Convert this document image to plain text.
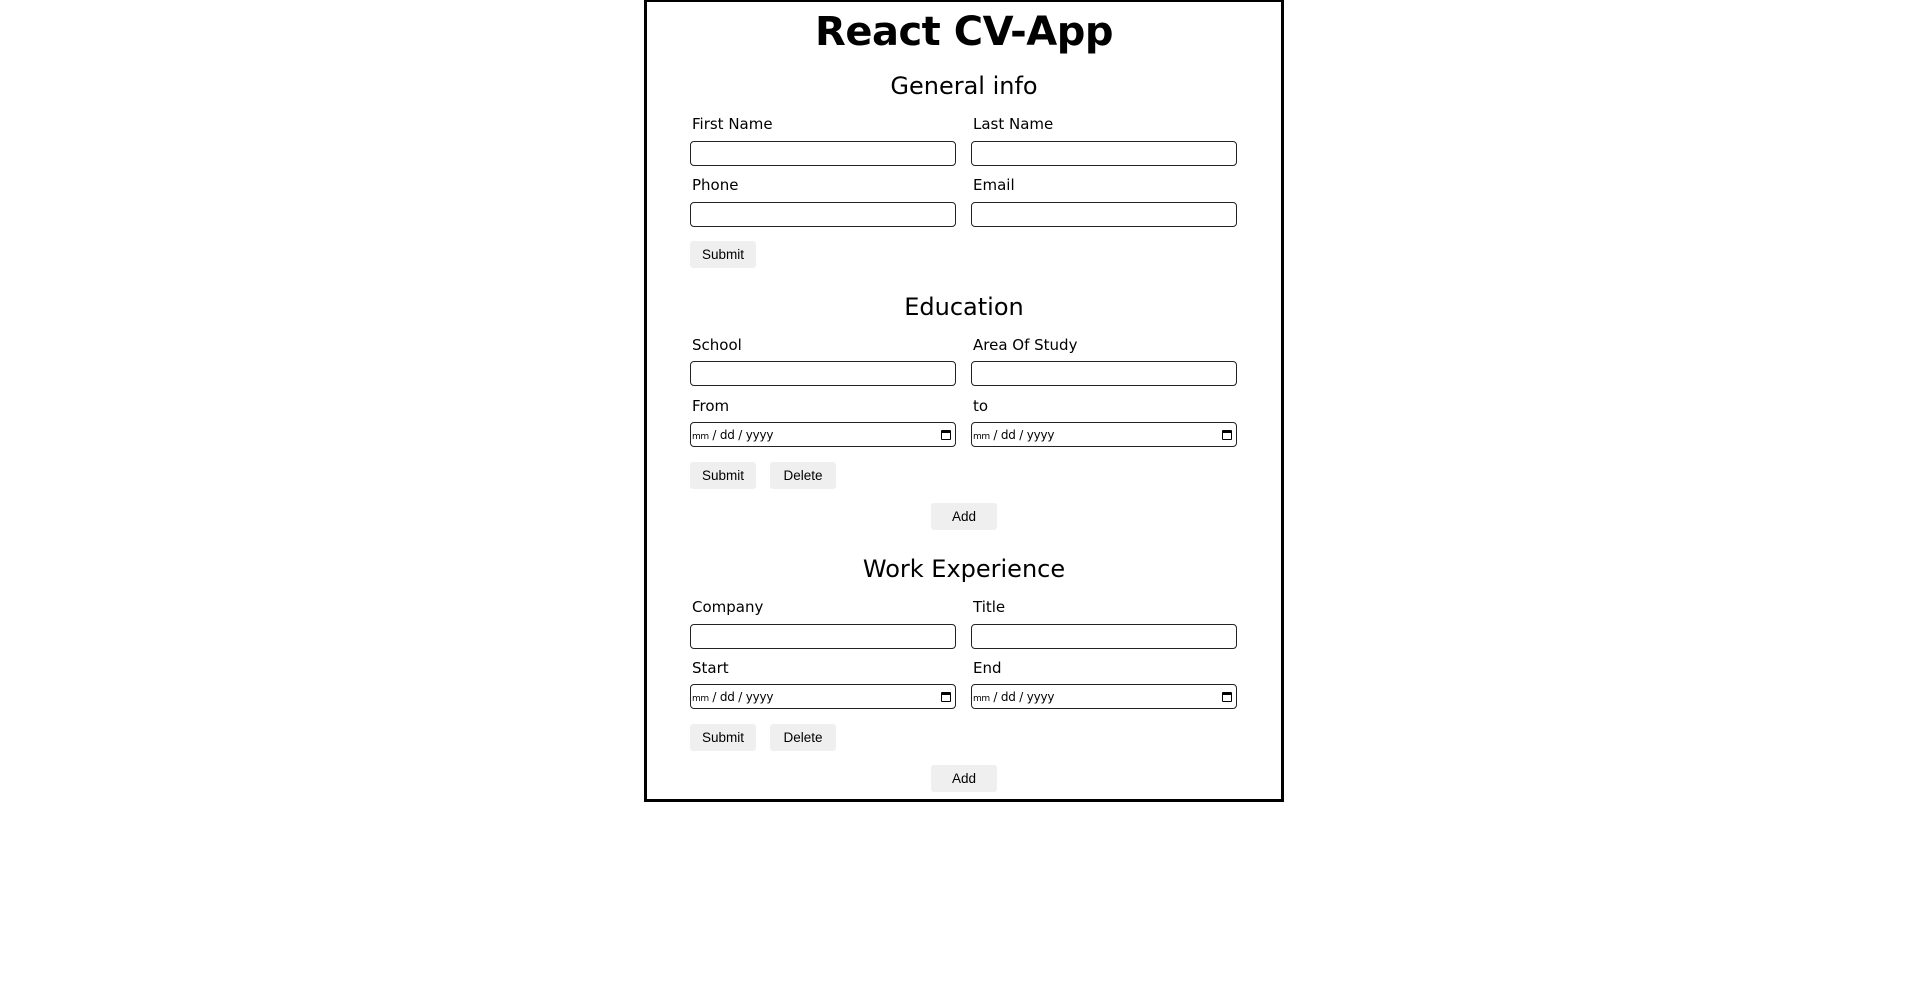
React CV-App
General info
First Name	Last Name
Phone	Email
Submit
Education
School	Area Of Study
From	to
mm / dd / yyyy	mm / dd / yyyy
Submit	Delete
Add
Work Experience
Company	Title
Start	End
mm / dd / yyyy	mm / dd / yyyy
Submit	Delete
Add
